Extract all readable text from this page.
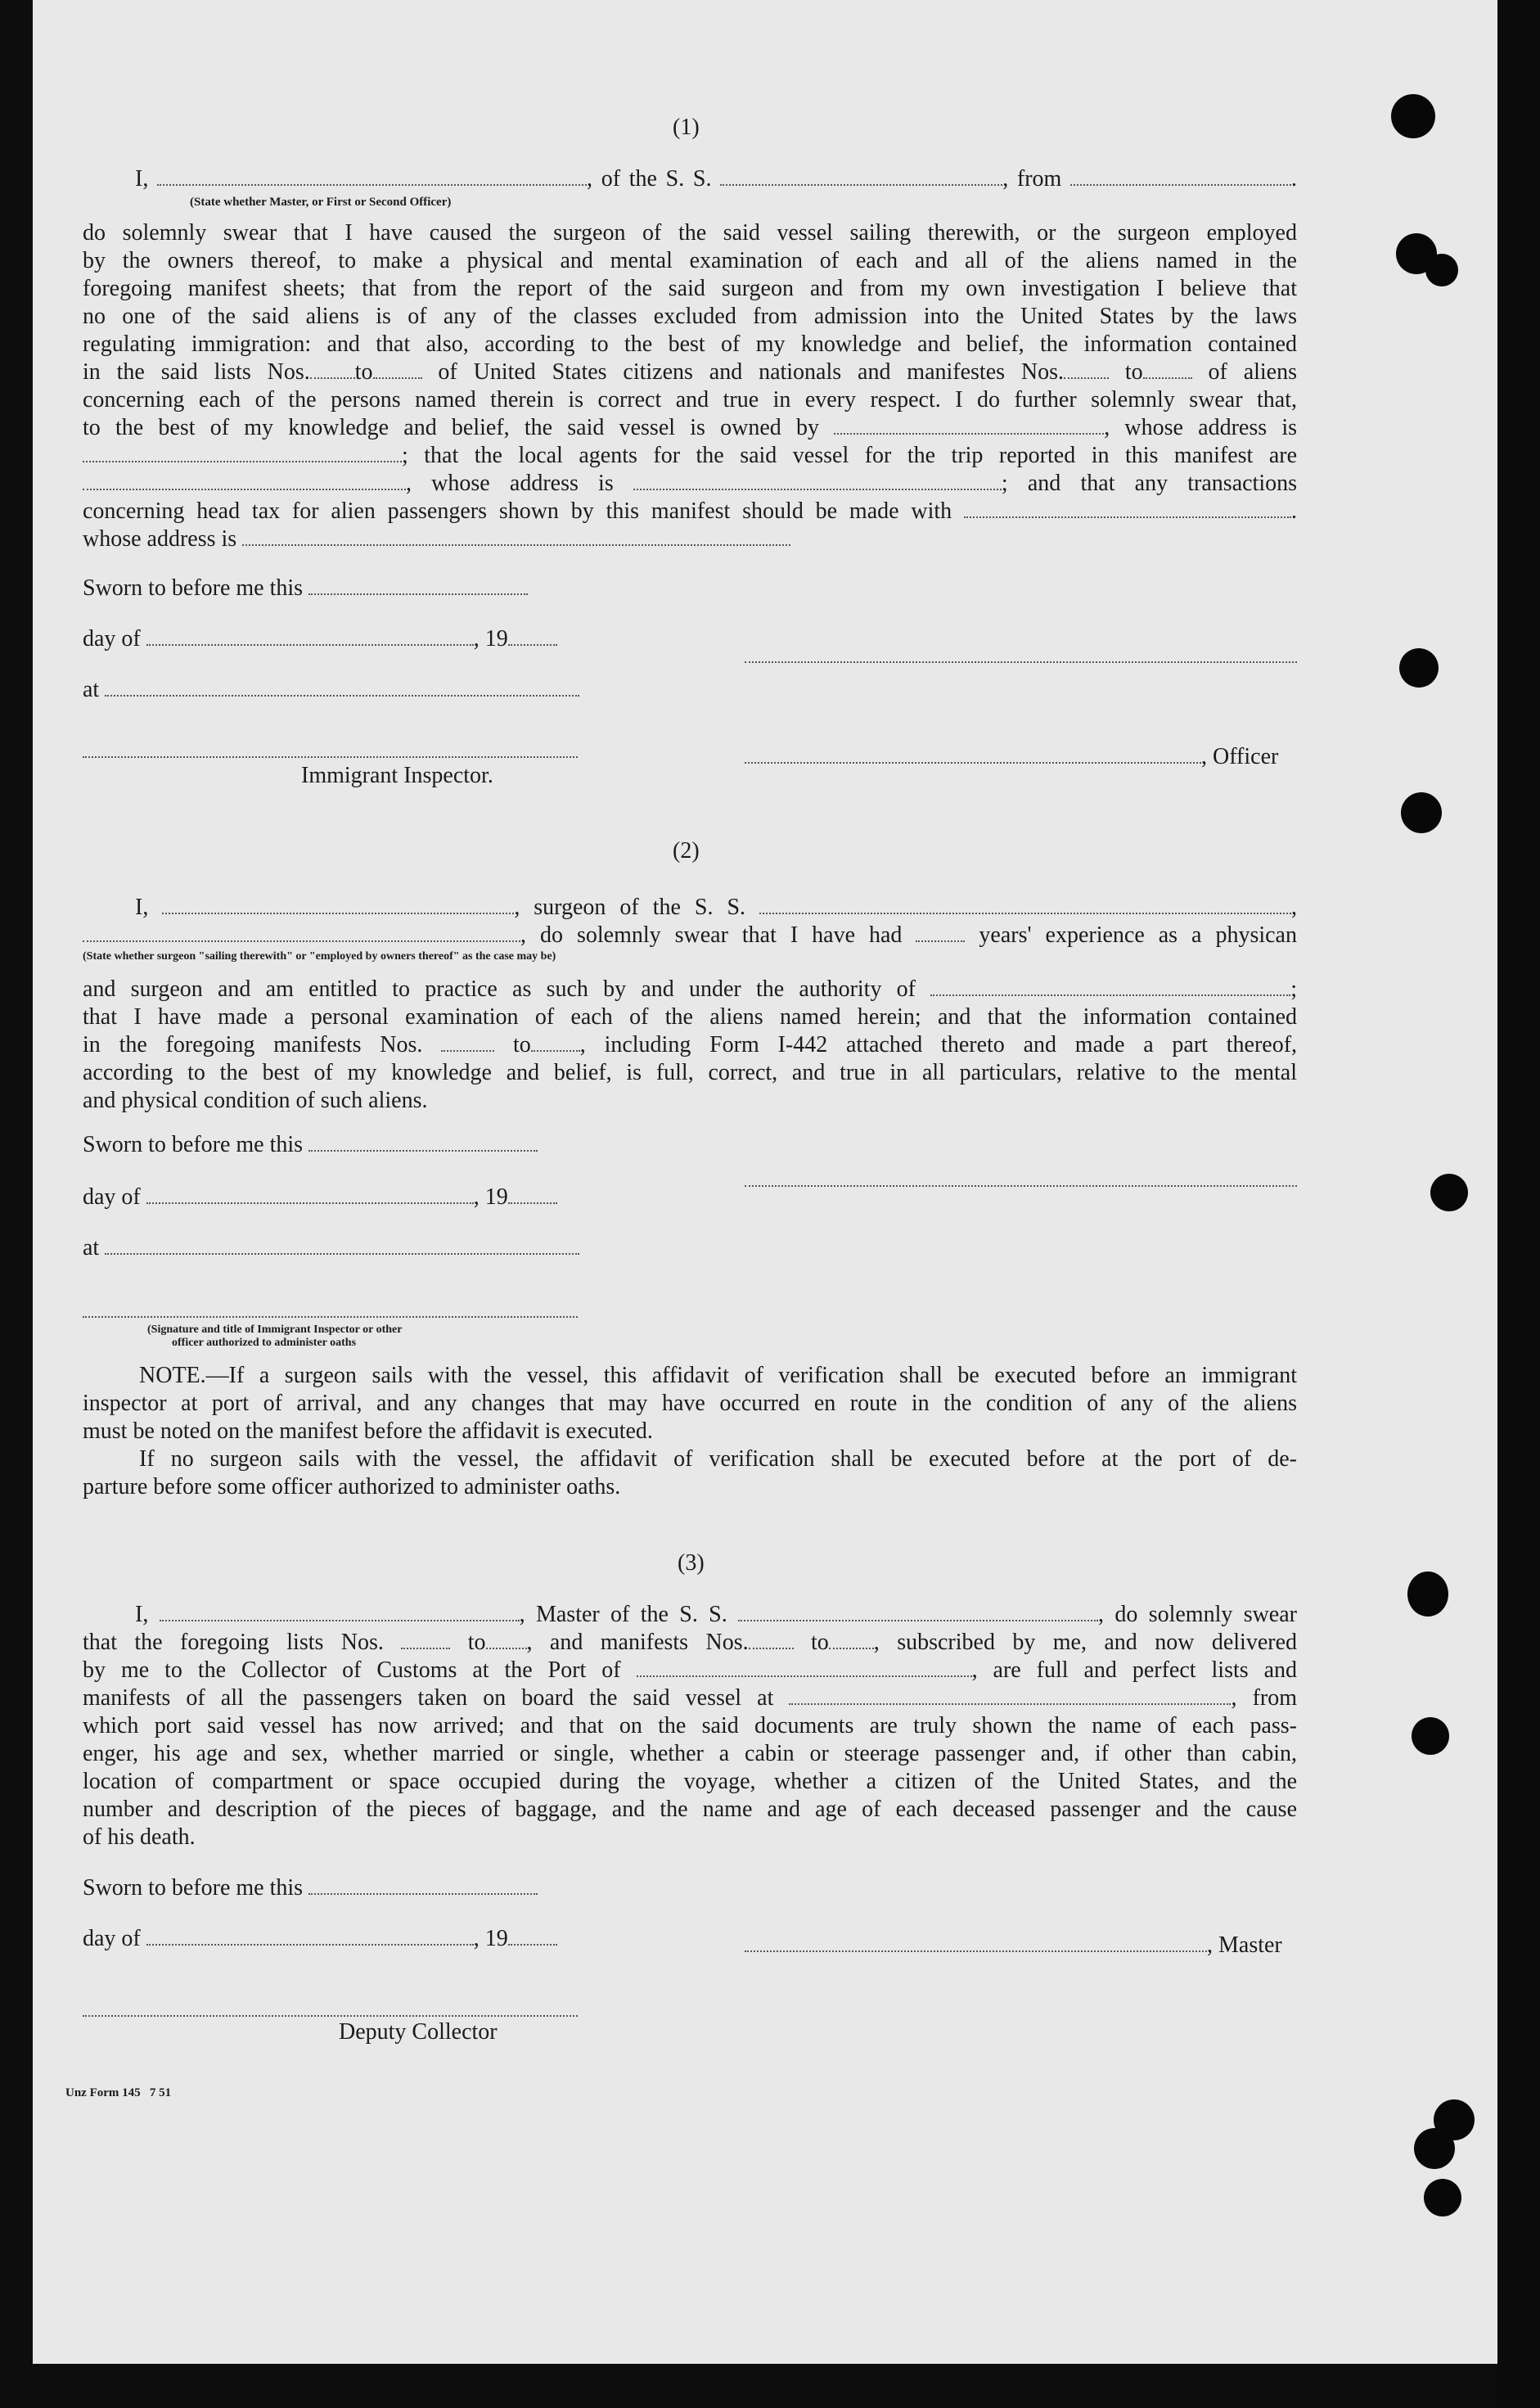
(1)
I,	, of the S. S.	, from	.
(State whether Master, or First or Second Officer)
do solemnly swear that I have caused the surgeon of the said vessel sailing therewith, or the surgeon employed
by the owners thereof, to make a physical and mental examination of each and all of the aliens named in the
foregoing manifest sheets; that from the report of the said surgeon and from my own investigation I believe that
no one of the said aliens is of any of the classes excluded from admission into the United States by the laws
regulating immigration: and that also, according to the best of my knowledge and belief, the information contained
in the said lists Nos. to	of United States citizens and nationals and manifestes Nos.	to	of aliens
concerning each of the persons named therein is correct and true in every respect. I do further solemnly swear that,
to the best of my knowledge and belief, the said vessel is owned by	, whose address is
; that the local agents for the said vessel for the trip reported in this manifest are
, whose address is	; and that any transactions
concerning head tax for alien passengers shown by this manifest should be made with	.
whose address is
Sworn to before me this
day of	, 19
at
, Officer
Immigrant Inspector.
(2)
I,	, surgeon of the S. S.	,
, do solemnly swear that I have had	years' experience as a physican
(State whether surgeon "sailing therewith" or "employed by owners thereof" as the case may be)
and surgeon and am entitled to practice as such by and under the authority of	;
that I have made a personal examination of each of the aliens named herein; and that the information contained
in the foregoing manifests Nos.	to , including Form I-442 attached thereto and made a part thereof,
according to the best of my knowledge and belief, is full, correct, and true in all particulars, relative to the mental
and physical condition of such aliens.
Sworn to before me this
day of	, 19
at
(Signature and title of Immigrant Inspector or other
officer authorized to administer oaths
NOTE.—If a surgeon sails with the vessel, this affidavit of verification shall be executed before an immigrant
inspector at port of arrival, and any changes that may have occurred en route in the condition of any of the aliens
must be noted on the manifest before the affidavit is executed.
If no surgeon sails with the vessel, the affidavit of verification shall be executed before at the port of de-
parture before some officer authorized to administer oaths.
(3)
I,	, Master of the S. S.	, do solemnly swear
that the foregoing lists Nos.	to , and manifests Nos.	to , subscribed by me, and now delivered
by me to the Collector of Customs at the Port of	, are full and perfect lists and
manifests of all the passengers taken on board the said vessel at	, from
which port said vessel has now arrived; and that on the said documents are truly shown the name of each pass-
enger, his age and sex, whether married or single, whether a cabin or steerage passenger and, if other than cabin,
location of compartment or space occupied during the voyage, whether a citizen of the United States, and the
number and description of the pieces of baggage, and the name and age of each deceased passenger and the cause
of his death.
Sworn to before me this
day of	, 19	, Master
Deputy Collector
Unz Form 145   7 51
